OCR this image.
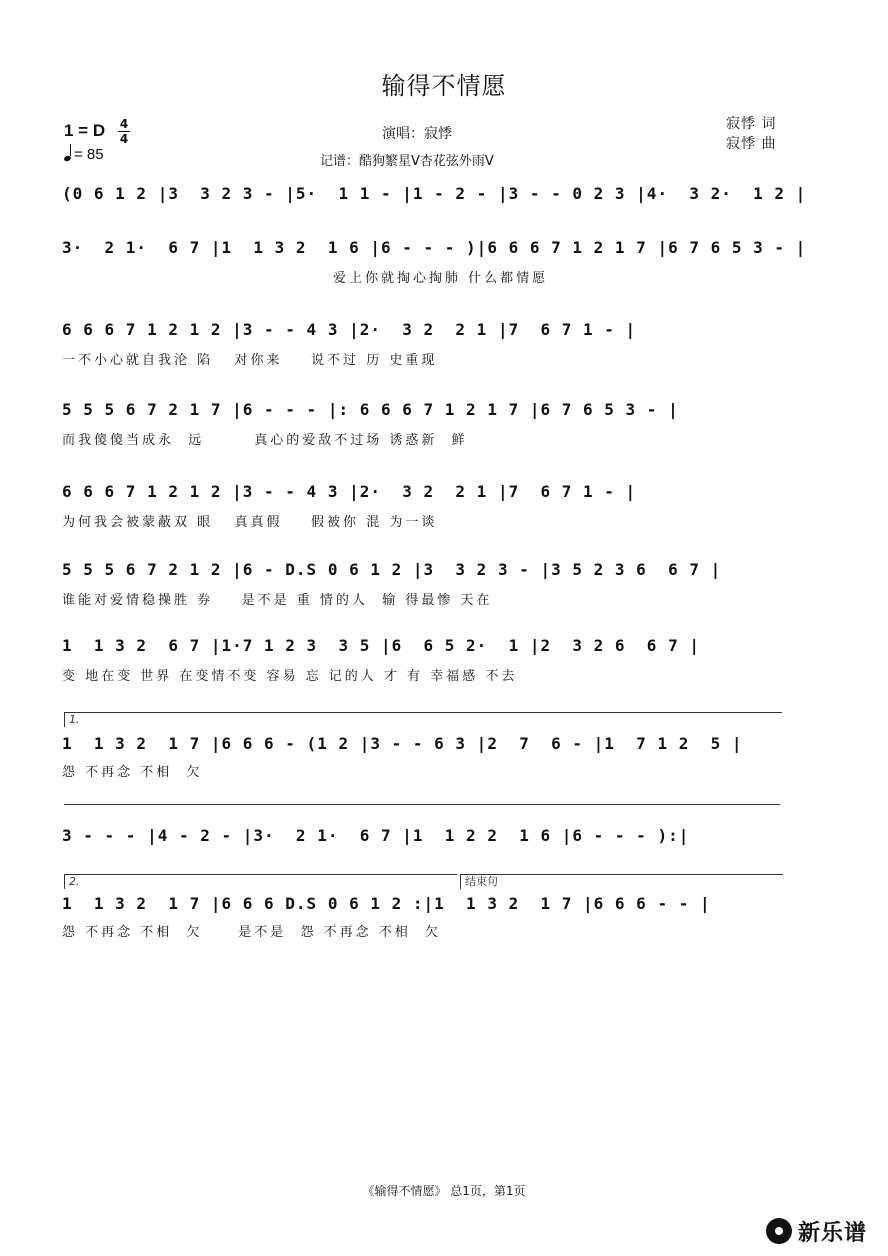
输得不情愿
1 = D 4
4
= 85
演唱：寂悸
记谱：酷狗繁星V杏花弦外雨V
寂悸 词
寂悸 曲
(0 6 1 2 |3  3 2 3 - |5·  1 1 - |1 - 2 - |3 - - 0 2 3 |4·  3 2·  1 2 |
3·  2 1·  6 7 |1  1 3 2  1 6 |6 - - - )|6 6 6 7 1 2 1 7 |6 7 6 5 3 - |
爱上你就掏心掏肺 什么都情愿
6 6 6 7 1 2 1 2 |3 - - 4 3 |2·  3 2  2 1 |7  6 7 1 - |
一不小心就自我沦 陷   对你来    说不过 历 史重现
5 5 5 6 7 2 1 7 |6 - - - |: 6 6 6 7 1 2 1 7 |6 7 6 5 3 - |
而我傻傻当成永  远       真心的爱敌不过场 诱惑新  鲜
6 6 6 7 1 2 1 2 |3 - - 4 3 |2·  3 2  2 1 |7  6 7 1 - |
为何我会被蒙蔽双 眼   真真假    假被你 混 为一谈
5 5 5 6 7 2 1 2 |6 - D.S 0 6 1 2 |3  3 2 3 - |3 5 2 3 6  6 7 |
谁能对爱情稳操胜 券    是不是 重 情的人  输 得最惨 天在
1  1 3 2  6 7 |1·7 1 2 3  3 5 |6  6 5 2·  1 |2  3 2 6  6 7 |
变 地在变 世界 在变情不变 容易 忘 记的人 才 有 幸福感 不去
1.
1  1 3 2  1 7 |6 6 6 - (1 2 |3 - - 6 3 |2  7  6 - |1  7 1 2  5 |
怨 不再念 不相  欠
3 - - - |4 - 2 - |3·  2 1·  6 7 |1  1 2 2  1 6 |6 - - - ):|
2.	结束句
1  1 3 2  1 7 |6 6 6 D.S 0 6 1 2 :|1  1 3 2  1 7 |6 6 6 - - |
怨 不再念 不相  欠     是不是  怨 不再念 不相  欠
《输得不情愿》 总1页，第1页
新乐谱
